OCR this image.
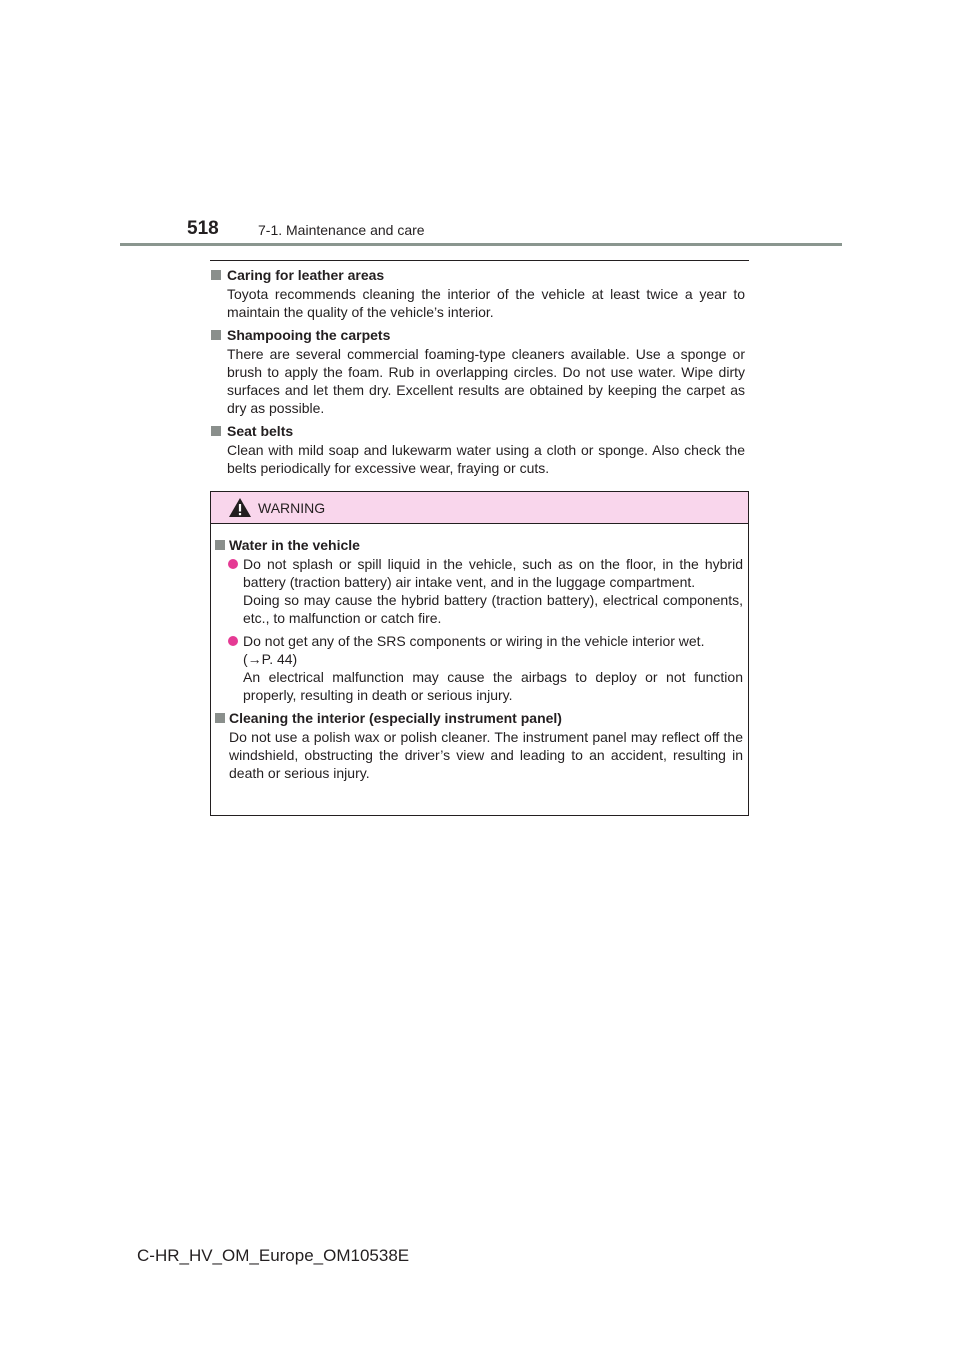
518	7-1. Maintenance and care

Caring for leather areas

Toyota recommends cleaning the interior of the vehicle at least twice a year to maintain the quality of the vehicle’s interior.

Shampooing the carpets

There are several commercial foaming-type cleaners available. Use a sponge or brush to apply the foam. Rub in overlapping circles. Do not use water. Wipe dirty surfaces and let them dry. Excellent results are obtained by keeping the carpet as dry as possible.

Seat belts

Clean with mild soap and lukewarm water using a cloth or sponge. Also check the belts periodically for excessive wear, fraying or cuts.

WARNING

Water in the vehicle

Do not splash or spill liquid in the vehicle, such as on the floor, in the hybrid battery (traction battery) air intake vent, and in the luggage compartment.

Doing so may cause the hybrid battery (traction battery), electrical components, etc., to malfunction or catch fire.

Do not get any of the SRS components or wiring in the vehicle interior wet.

(→P. 44)

An electrical malfunction may cause the airbags to deploy or not function properly, resulting in death or serious injury.

Cleaning the interior (especially instrument panel)

Do not use a polish wax or polish cleaner. The instrument panel may reflect off the windshield, obstructing the driver’s view and leading to an accident, resulting in death or serious injury.

C-HR_HV_OM_Europe_OM10538E
